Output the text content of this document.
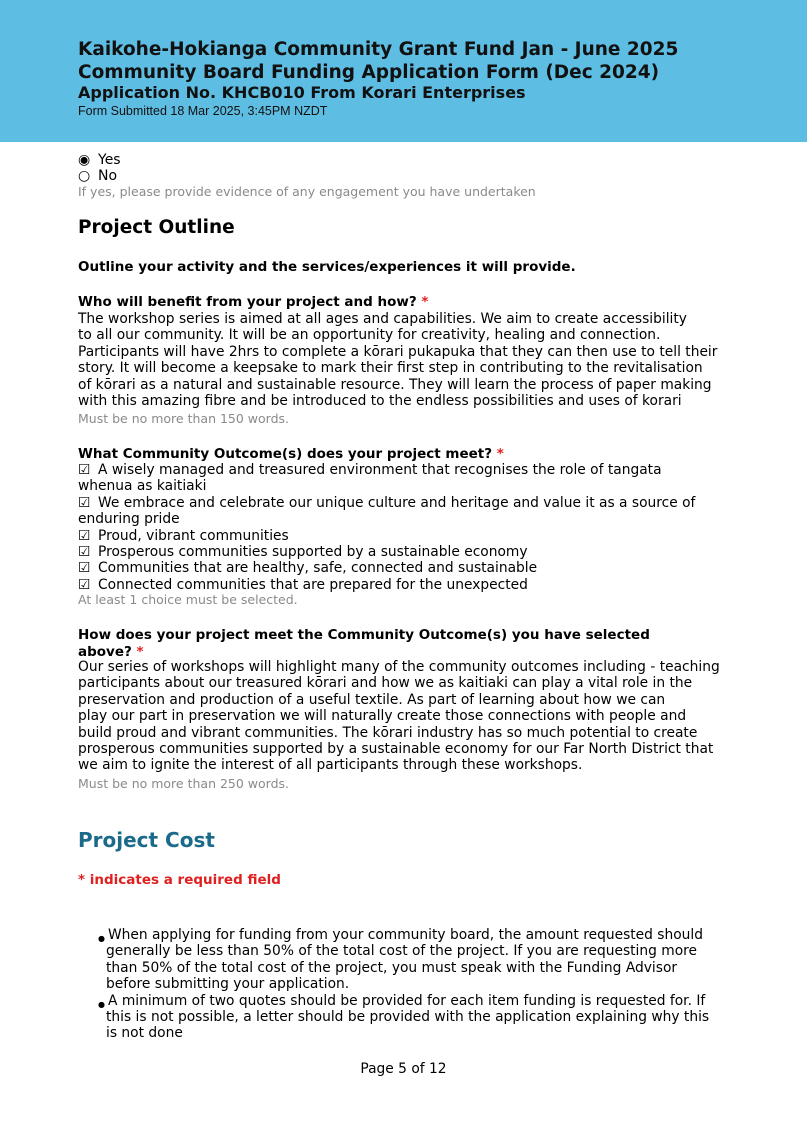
Kaikohe-Hokianga Community Grant Fund Jan - June 2025
Community Board Funding Application Form (Dec 2024)
Application No. KHCB010 From Korari Enterprises
Form Submitted 18 Mar 2025, 3:45PM NZDT
◉ Yes
○ No
If yes, please provide evidence of any engagement you have undertaken
Project Outline
Outline your activity and the services/experiences it will provide.
Who will benefit from your project and how? *
The workshop series is aimed at all ages and capabilities. We aim to create accessibility
to all our community. It will be an opportunity for creativity, healing and connection.
Participants will have 2hrs to complete a kōrari pukapuka that they can then use to tell their
story. It will become a keepsake to mark their first step in contributing to the revitalisation
of kōrari as a natural and sustainable resource. They will learn the process of paper making
with this amazing fibre and be introduced to the endless possibilities and uses of korari
Must be no more than 150 words.
What Community Outcome(s) does your project meet? *
☑ A wisely managed and treasured environment that recognises the role of tangata
whenua as kaitiaki
☑ We embrace and celebrate our unique culture and heritage and value it as a source of
enduring pride
☑ Proud, vibrant communities
☑ Prosperous communities supported by a sustainable economy
☑ Communities that are healthy, safe, connected and sustainable
☑ Connected communities that are prepared for the unexpected
At least 1 choice must be selected.
How does your project meet the Community Outcome(s) you have selected
above? *
Our series of workshops will highlight many of the community outcomes including - teaching
participants about our treasured kōrari and how we as kaitiaki can play a vital role in the
preservation and production of a useful textile. As part of learning about how we can
play our part in preservation we will naturally create those connections with people and
build proud and vibrant communities. The kōrari industry has so much potential to create
prosperous communities supported by a sustainable economy for our Far North District that
we aim to ignite the interest of all participants through these workshops.
Must be no more than 250 words.
Project Cost
* indicates a required field
● When applying for funding from your community board, the amount requested should
generally be less than 50% of the total cost of the project. If you are requesting more
than 50% of the total cost of the project, you must speak with the Funding Advisor
before submitting your application.
● A minimum of two quotes should be provided for each item funding is requested for. If
this is not possible, a letter should be provided with the application explaining why this
is not done
Page 5 of 12
